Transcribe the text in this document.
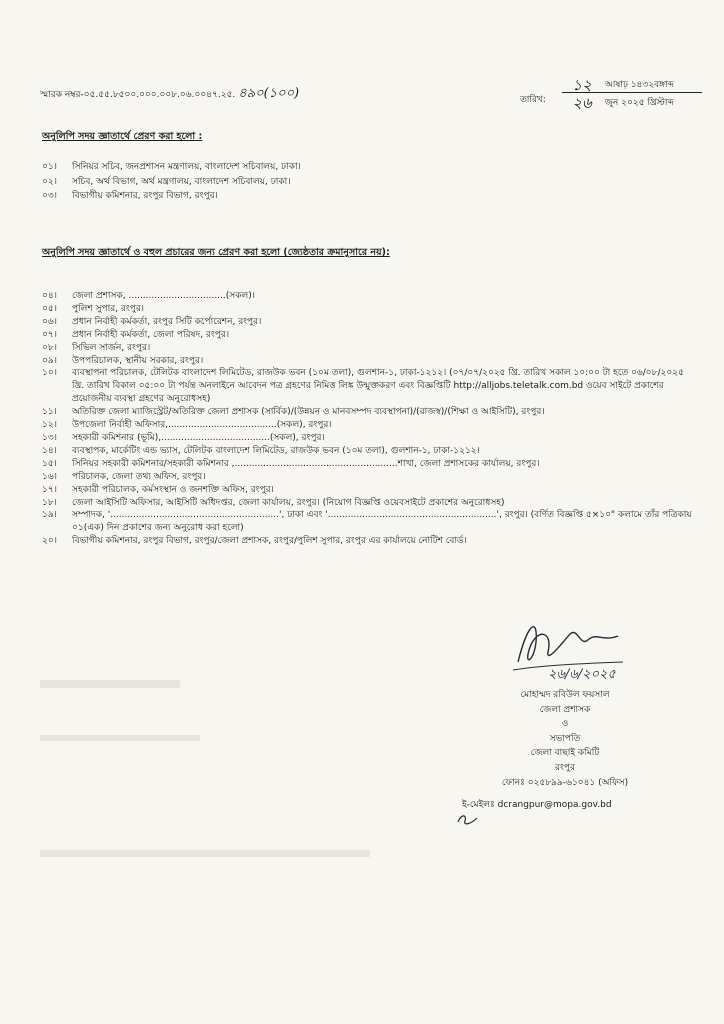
স্মারক নম্বর-০৫.৫৫.৮৫০০.০০০.০০৮.০৬.০০৪৭.২৫. ৪৯০(১০০)	তারিখ:
১২ আষাঢ় ১৪৩২বঙ্গাব্দ
২৬ জুন ২০২৫ খ্রিস্টাব্দ
অনুলিপি সদয় জ্ঞাতার্থে প্রেরণ করা হলো :
০১।	সিনিয়র সচিব, জনপ্রশাসন মন্ত্রণালয়, বাংলাদেশ সচিবালয়, ঢাকা।
০২।	সচিব, অর্থ বিভাগ, অর্থ মন্ত্রণালয়, বাংলাদেশ সচিবালয়, ঢাকা।
০৩।	বিভাগীয় কমিশনার, রংপুর বিভাগ, রংপুর।
অনুলিপি সদয় জ্ঞাতার্থে ও বহুল প্রচারের জন্য প্রেরণ করা হলো (জ্যেষ্ঠতার ক্রমানুসারে নয়):
০৪।	জেলা প্রশাসক, ..................................(সকল)।
০৫।	পুলিশ সুপার, রংপুর।
০৬।	প্রধান নির্বাহী কর্মকর্তা, রংপুর সিটি কর্পোরেশন, রংপুর।
০৭।	প্রধান নির্বাহী কর্মকর্তা, জেলা পরিষদ, রংপুর।
০৮।	সিভিল সার্জন, রংপুর।
০৯।	উপপরিচালক, স্থানীয় সরকার, রংপুর।
১০।	ব্যবস্থাপনা পরিচালক, টেলিটক বাংলাদেশ লিমিটেড, রাজউক ভবন (১০ম তলা), গুলশান-১, ঢাকা-১২১২। (০৭/০৭/২০২৫ খ্রি. তারিখ সকাল ১০:০০ টা হতে ০৬/০৮/২০২৫ খ্রি. তারিখ বিকাল ০৫:০০ টা পর্যন্ত অনলাইনে আবেদন পত্র গ্রহণের নিমিত্ত লিঙ্ক উন্মুক্তকরণ এবং বিজ্ঞপ্তিটি http://alljobs.teletalk.com.bd ওয়েব সাইটে প্রকাশের প্রয়োজনীয় ব্যবস্থা গ্রহণের অনুরোধসহ)
১১।	অতিরিক্ত জেলা ম্যাজিস্ট্রেট/অতিরিক্ত জেলা প্রশাসক (সার্বিক)/(উন্নয়ন ও মানবসম্পদ ব্যবস্থাপনা)/(রাজস্ব)/(শিক্ষা ও আইসিটি), রংপুর।
১২।	উপজেলা নির্বাহী অফিসার,......................................(সকল), রংপুর।
১৩।	সহকারী কমিশনার (ভূমি),......................................(সকল), রংপুর।
১৪।	ব্যবস্থাপক, মার্কেটিং এন্ড ভ্যাস, টেলিটক বাংলাদেশ লিমিটেড, রাজউক ভবন (১০ম তলা), গুলশান-১, ঢাকা-১২১২।
১৫।	সিনিয়র সহকারী কমিশনার/সহকারী কমিশনার ,.........................................................শাখা, জেলা প্রশাসকের কার্যালয়, রংপুর।
১৬।	পরিচালক, জেলা তথ্য অফিস, রংপুর।
১৭।	সহকারী পরিচালক, কর্মসংস্থান ও জনশক্তি অফিস, রংপুর।
১৮।	জেলা আইসিটি অফিসার, আইসিটি অধিদপ্তর, জেলা কার্যালয়, রংপুর। (নিয়োগ বিজ্ঞপ্তি ওয়েবসাইটে প্রকাশের অনুরোধসহ)
১৯।	সম্পাদক, '...........................................................', ঢাকা এবং '...........................................................', রংপুর। (বর্ণিত বিজ্ঞপ্তি ৫×১০" কলামে তাঁর পত্রিকায় ০১(এক) দিন প্রকাশের জন্য অনুরোধ করা হলো)
২০।	বিভাগীয় কমিশনার, রংপুর বিভাগ, রংপুর/জেলা প্রশাসক, রংপুর/পুলিশ সুপার, রংপুর এর কার্যালয়ে নোটিশ বোর্ড।
২৬/৬/২০২৫
মোহাম্মদ রবিউল ফয়সাল
জেলা প্রশাসক
ও
সভাপতি
জেলা বাছাই কমিটি
রংপুর
ফোনঃ ০২৫৮৯৯-৬১০৪১ (অফিস)
ই-মেইলঃ dcrangpur@mopa.gov.bd
